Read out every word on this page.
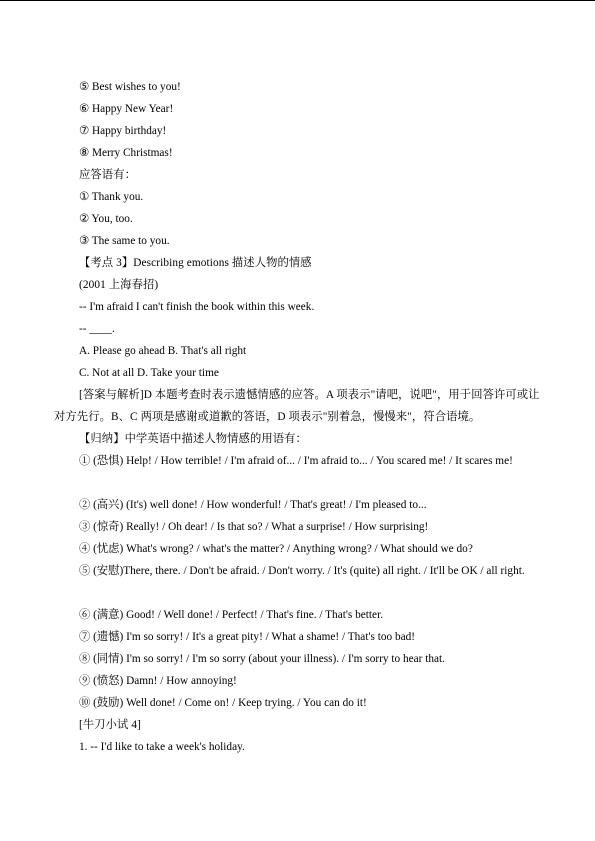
⑤ Best wishes to you!
⑥ Happy New Year!
⑦ Happy birthday!
⑧ Merry Christmas!
应答语有：
① Thank you.
② You, too.
③ The same to you.
【考点 3】Describing emotions 描述人物的情感
(2001 上海春招)
-- I'm afraid I can't finish the book within this week.
-- ____.
A. Please go ahead B. That's all right
C. Not at all D. Take your time
[答案与解析]D 本题考查时表示遗憾情感的应答。A 项表示"请吧，说吧"，用于回答许可或让对方先行。B、C 两项是感谢或道歉的答语，D 项表示"别着急，慢慢来"，符合语境。
【归纳】中学英语中描述人物情感的用语有：
① (恐惧) Help! / How terrible! / I'm afraid of... / I'm afraid to... / You scared me! / It scares me!
② (高兴) (It's) well done! / How wonderful! / That's great! / I'm pleased to...
③ (惊奇) Really! / Oh dear! / Is that so? / What a surprise! / How surprising!
④ (忧虑) What's wrong? / what's the matter? / Anything wrong? / What should we do?
⑤ (安慰)There, there. / Don't be afraid. / Don't worry. / It's (quite) all right. / It'll be OK / all right.
⑥ (满意) Good! / Well done! / Perfect! / That's fine. / That's better.
⑦ (遗憾) I'm so sorry! / It's a great pity! / What a shame! / That's too bad!
⑧ (同情) I'm so sorry! / I'm so sorry (about your illness). / I'm sorry to hear that.
⑨ (愤怒) Damn! / How annoying!
⑩ (鼓励) Well done! / Come on! / Keep trying. / You can do it!
[牛刀小试 4]
1. -- I'd like to take a week's holiday.
